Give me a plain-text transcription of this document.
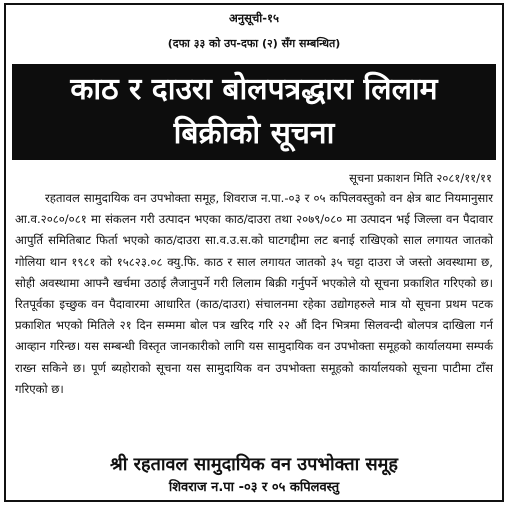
अनुसूची-१५
(दफा ३३ को उप-दफा (२) सँग सम्बन्धित)
काठ र दाउरा बोलपत्रद्धारा लिलाम
बिक्रीको सूचना
सूचना प्रकाशन मिति २०८१/११/११

रहतावल सामुदायिक वन उपभोक्ता समूह, शिवराज न.पा.-०३ र ०५ कपिलवस्तुको वन क्षेत्र बाट नियमानुसार आ.व.२०८०/०८१ मा संकलन गरी उत्पादन भएका काठ/दाउरा तथा २०७९/०८० मा उत्पादन भई जिल्ला वन पैदावार आपुर्ति समितिबाट फिर्ता भएको काठ/दाउरा सा.व.उ.स.को घाटगद्दीमा लट बनाई राखिएको साल लगायत जातको गोलिया थान १९८१ को १५८२३.०८ क्यु.फि. काठ र साल लगायत जातको ३५ चट्टा दाउरा जे जस्तो अवस्थामा छ, सोही अवस्थामा आफ्नै खर्चमा उठाई लैजानुपर्ने गरी लिलाम बिक्री गर्नुपर्ने भएकोले यो सूचना प्रकाशित गरिएको छ। रितपूर्वका इच्छुक वन पैदावारमा आधारित (काठ/दाउरा) संचालनमा रहेका उद्योगहरुले मात्र यो सूचना प्रथम पटक प्रकाशित भएको मितिले २१ दिन सम्ममा बोल पत्र खरिद गरि २२ औं दिन भित्रमा सिलवन्दी बोलपत्र दाखिला गर्न आव्हान गरिन्छ। यस सम्बन्धी विस्तृत जानकारीको लागि यस सामुदायिक वन उपभोक्ता समूहको कार्यालयमा सम्पर्क राख्न सकिने छ। पूर्ण ब्यहोराको सूचना यस सामुदायिक वन उपभोक्ता समूहको कार्यालयको सूचना पाटीमा टाँस गरिएको छ।

श्री रहतावल सामुदायिक वन उपभोक्ता समूह
शिवराज न.पा -०३ र ०५ कपिलवस्तु
